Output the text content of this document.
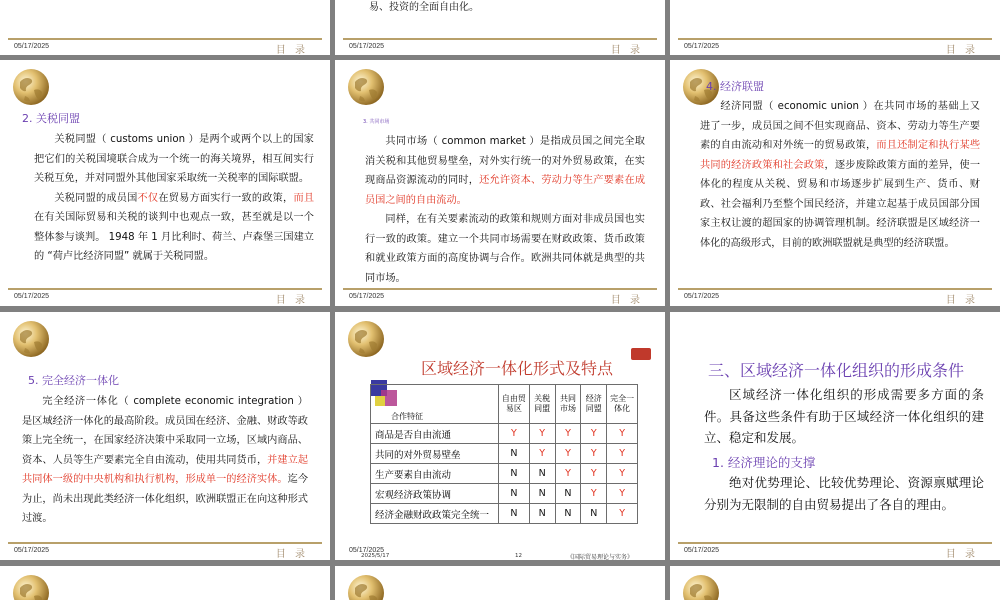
05/17/2025	目 录
易、投资的全面自由化。
05/17/2025	目 录	05/17/2025	目 录
2. 关税同盟

关税同盟（ customs union ）是两个或两个以上的国家把它们的关税国境联合成为一个统一的海关境界，相互间实行关税互免，并对同盟外其他国家采取统一关税率的国际联盟。

关税同盟的成员国不仅在贸易方面实行一致的政策，而且在有关国际贸易和关税的谈判中也观点一致，甚至就是以一个整体参与谈判。 1948 年 1 月比利时、荷兰、卢森堡三国建立的 “荷卢比经济同盟” 就属于关税同盟。

05/17/2025	目 录
3. 共同市场

共同市场（ common market ）是指成员国之间完全取消关税和其他贸易壁垒，对外实行统一的对外贸易政策，在实现商品资源流动的同时，还允许资本、劳动力等生产要素在成员国之间的自由流动。

同样，在有关要素流动的政策和规则方面对非成员国也实行一致的政策。建立一个共同市场需要在财政政策、货币政策和就业政策方面的高度协调与合作。欧洲共同体就是典型的共同市场。

05/17/2025	目 录
4. 经济联盟

经济同盟（ economic union ）在共同市场的基础上又进了一步，成员国之间不但实现商品、资本、劳动力等生产要素的自由流动和对外统一的贸易政策，而且还制定和执行某些共同的经济政策和社会政策，逐步废除政策方面的差异，使一体化的程度从关税、贸易和市场逐步扩展到生产、货币、财政、社会福利乃至整个国民经济，并建立起基于成员国部分国家主权让渡的超国家的协调管理机制。经济联盟是区域经济一体化的高级形式，目前的欧洲联盟就是典型的经济联盟。

05/17/2025	目 录
5. 完全经济一体化

完全经济一体化（ complete economic integration ）是区域经济一体化的最高阶段。成员国在经济、金融、财政等政策上完全统一，在国家经济决策中采取同一立场，区域内商品、资本、人员等生产要素完全自由流动，使用共同货币，并建立起共同体一级的中央机构和执行机构，形成单一的经济实体。迄今为止，尚未出现此类经济一体化组织，欧洲联盟正在向这种形式过渡。

05/17/2025	目 录
区域经济一体化形式及特点
合作特征	自由贸易区	关税同盟	共同市场	经济同盟	完全一体化
商品是否自由流通	Y	Y	Y	Y	Y
共同的对外贸易壁垒	N	Y	Y	Y	Y
生产要素自由流动	N	N	Y	Y	Y
宏观经济政策协调	N	N	N	Y	Y
经济金融财政政策完全统一	N	N	N	N	Y
2025/5/17	12	《国际贸易理论与实务》
05/17/2025
三、区域经济一体化组织的形成条件

区域经济一体化组织的形成需要多方面的条件。具备这些条件有助于区域经济一体化组织的建立、稳定和发展。

1. 经济理论的支撑

绝对优势理论、比较优势理论、资源禀赋理论分别为无限制的自由贸易提出了各自的理由。

05/17/2025	目 录
